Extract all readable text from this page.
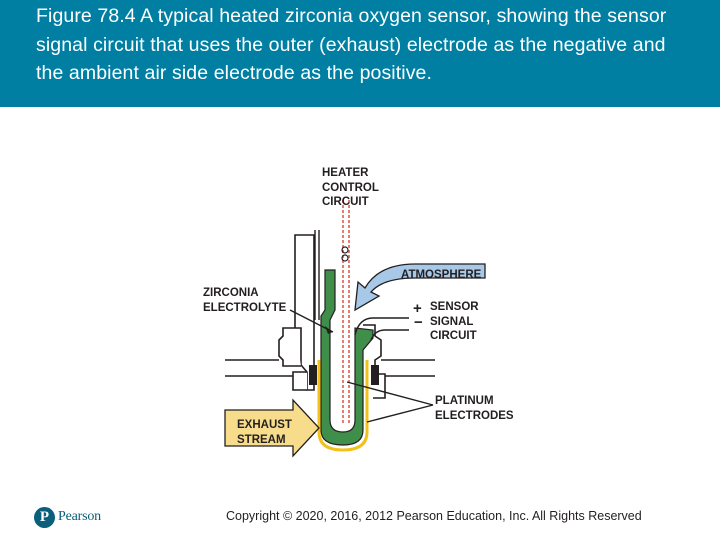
Figure 78.4 A typical heated zirconia oxygen sensor, showing the sensor signal circuit that uses the outer (exhaust) electrode as the negative and the ambient air side electrode as the positive.
HEATER
CONTROL
CIRCUIT
ATMOSPHERE
ZIRCONIA
ELECTROLYTE	+
−
SENSOR
SIGNAL
CIRCUIT
PLATINUM
ELECTRODES
EXHAUST
STREAM
P Pearson	Copyright © 2020, 2016, 2012 Pearson Education, Inc. All Rights Reserved
